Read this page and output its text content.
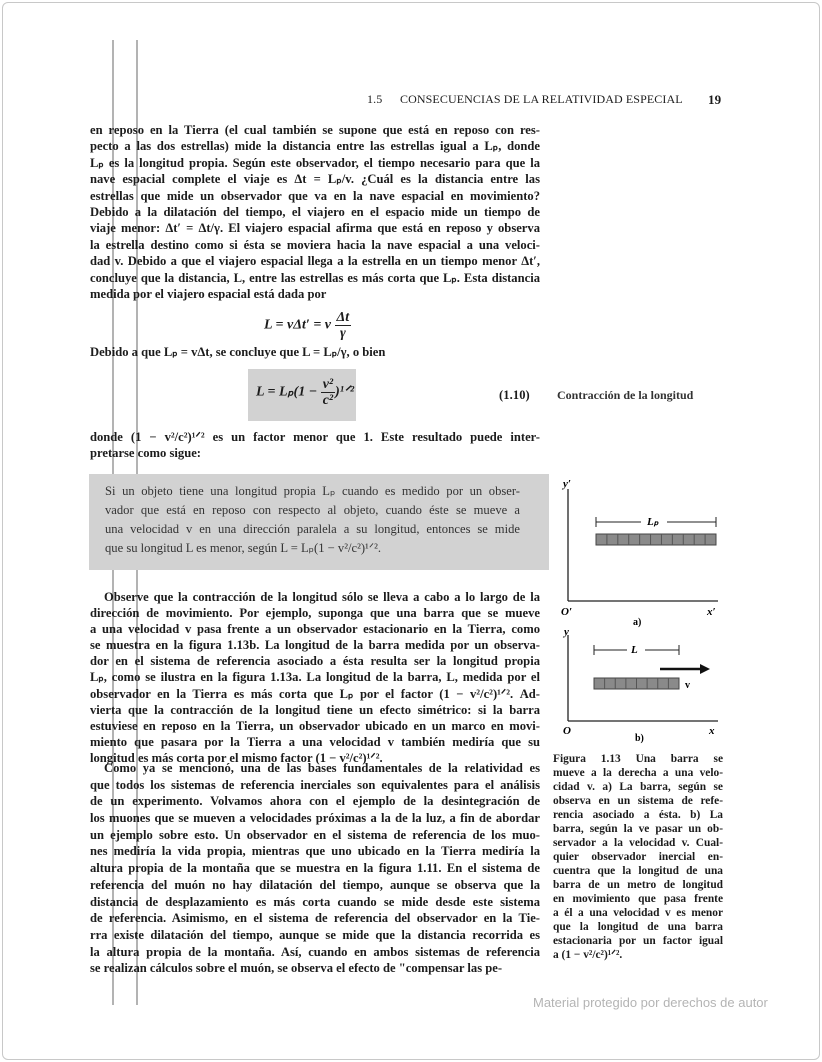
1.5 CONSECUENCIAS DE LA RELATIVIDAD ESPECIAL 19
en reposo en la Tierra (el cual también se supone que está en reposo con res-
pecto a las dos estrellas) mide la distancia entre las estrellas igual a Lₚ, donde
Lₚ es la longitud propia. Según este observador, el tiempo necesario para que la
nave espacial complete el viaje es Δt = Lₚ/v. ¿Cuál es la distancia entre las
estrellas que mide un observador que va en la nave espacial en movimiento?
Debido a la dilatación del tiempo, el viajero en el espacio mide un tiempo de
viaje menor: Δt′ = Δt/γ. El viajero espacial afirma que está en reposo y observa
la estrella destino como si ésta se moviera hacia la nave espacial a una veloci-
dad v. Debido a que el viajero espacial llega a la estrella en un tiempo menor Δt′,
concluye que la distancia, L, entre las estrellas es más corta que Lₚ. Esta distancia
medida por el viajero espacial está dada por
L = vΔt′ = v $\frac{\Delta t}{\gamma}$
Debido a que Lₚ = vΔt, se concluye que L = Lₚ/γ, o bien
$L = L_p(1 - \frac{\text{v²}}{\text{c²}}$ )¹ᐟ²	(1.10) Contracción de la longitud
donde (1 − v²/c²)¹ᐟ² es un factor menor que 1. Este resultado puede inter-
pretarse como sigue:
Si un objeto tiene una longitud propia Lₚ cuando es medido por un obser-
vador que está en reposo con respecto al objeto, cuando éste se mueve a
una velocidad v en una dirección paralela a su longitud, entonces se mide
que su longitud L es menor, según L = Lₚ(1 − v²/c²)¹ᐟ².
Observe que la contracción de la longitud sólo se lleva a cabo a lo largo de la
dirección de movimiento. Por ejemplo, suponga que una barra que se mueve
a una velocidad v pasa frente a un observador estacionario en la Tierra, como
se muestra en la figura 1.13b. La longitud de la barra medida por un observa-
dor en el sistema de referencia asociado a ésta resulta ser la longitud propia
Lₚ, como se ilustra en la figura 1.13a. La longitud de la barra, L, medida por el
observador en la Tierra es más corta que Lₚ por el factor (1 − v²/c²)¹ᐟ². Ad-
vierta que la contracción de la longitud tiene un efecto simétrico: si la barra
estuviese en reposo en la Tierra, un observador ubicado en un marco en movi-
miento que pasara por la Tierra a una velocidad v también mediría que su
longitud es más corta por el mismo factor (1 − v²/c²)¹ᐟ².
Como ya se mencionó, una de las bases fundamentales de la relatividad es
que todos los sistemas de referencia inerciales son equivalentes para el análisis
de un experimento. Volvamos ahora con el ejemplo de la desintegración de
los muones que se mueven a velocidades próximas a la de la luz, a fin de abordar
un ejemplo sobre esto. Un observador en el sistema de referencia de los muo-
nes mediría la vida propia, mientras que uno ubicado en la Tierra mediría la
altura propia de la montaña que se muestra en la figura 1.11. En el sistema de
referencia del muón no hay dilatación del tiempo, aunque se observa que la
distancia de desplazamiento es más corta cuando se mide desde este sistema
de referencia. Asimismo, en el sistema de referencia del observador en la Tie-
rra existe dilatación del tiempo, aunque se mide que la distancia recorrida es
la altura propia de la montaña. Así, cuando en ambos sistemas de referencia
se realizan cálculos sobre el muón, se observa el efecto de "compensar las pe-
y′
O′	x′
a)
Lₚ
y
O	x
b)
L
v
Figura 1.13 Una barra se
mueve a la derecha a una velo-
cidad v. a) La barra, según se
observa en un sistema de refe-
rencia asociado a ésta. b) La
barra, según la ve pasar un ob-
servador a la velocidad v. Cual-
quier observador inercial en-
cuentra que la longitud de una
barra de un metro de longitud
en movimiento que pasa frente
a él a una velocidad v es menor
que la longitud de una barra
estacionaria por un factor igual
a (1 − v²/c²)¹ᐟ².
Material protegido por derechos de autor
